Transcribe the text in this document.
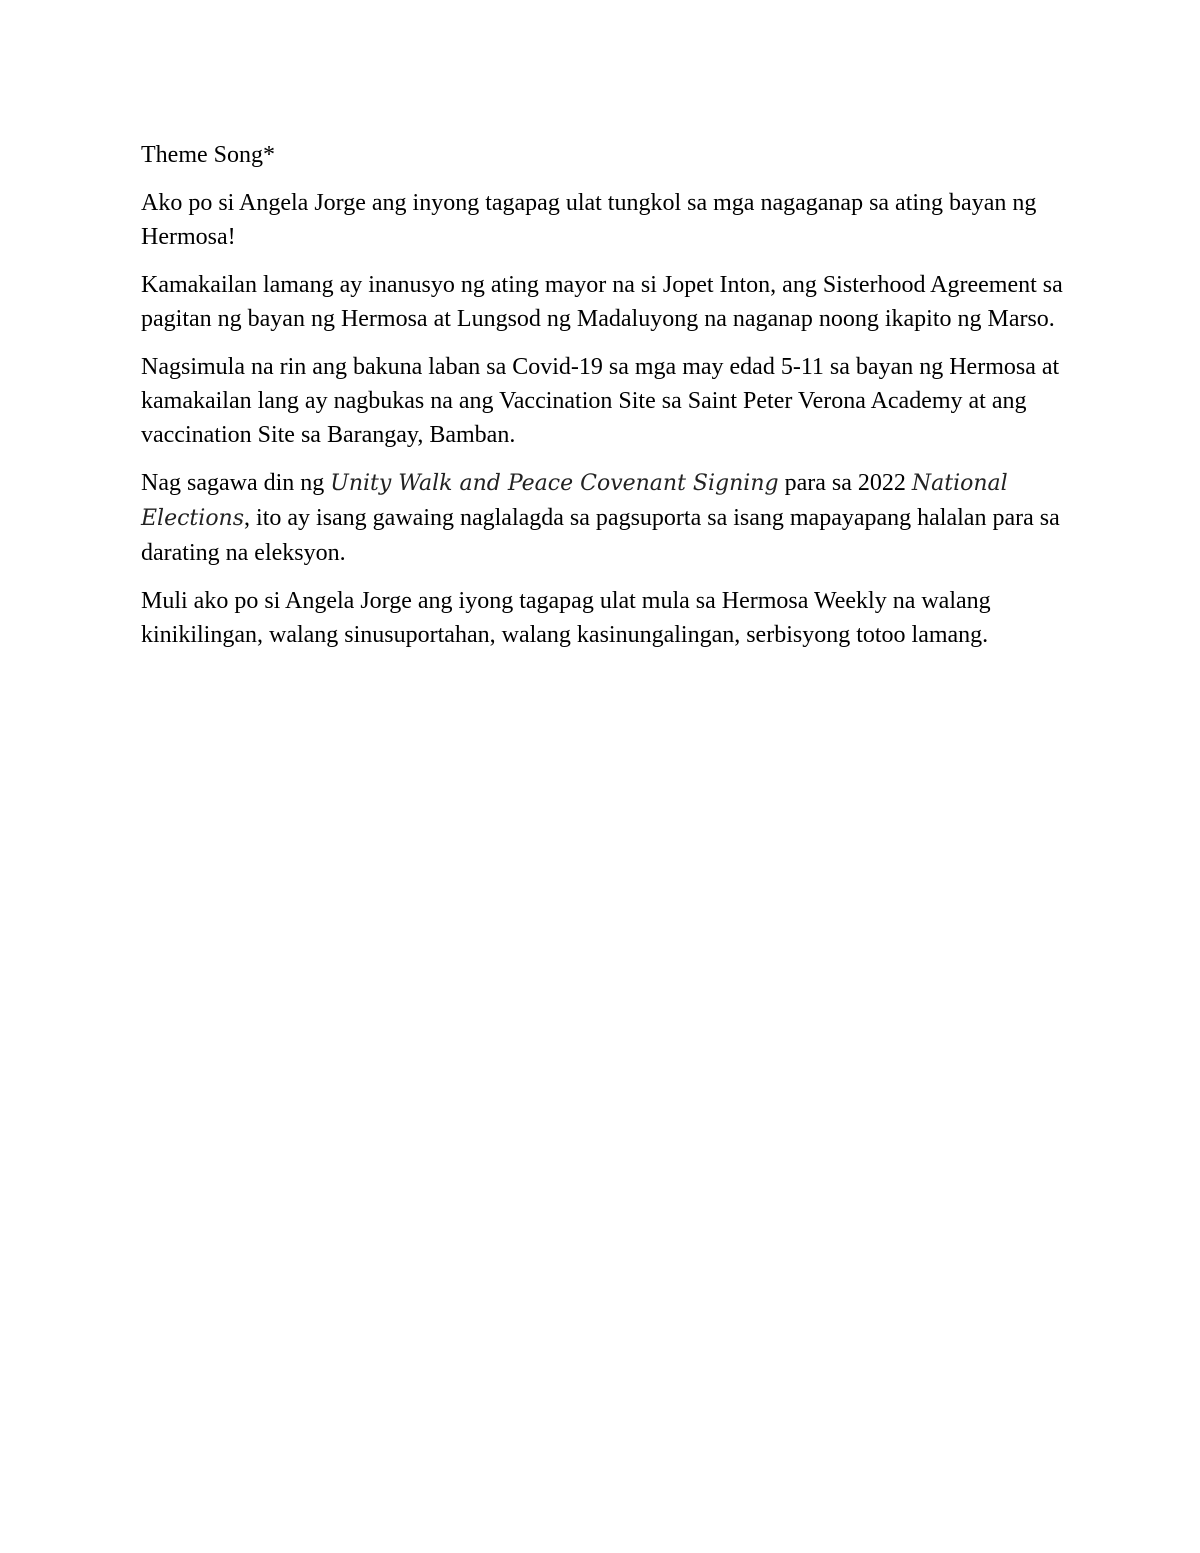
Theme Song*

Ako po si Angela Jorge ang inyong tagapag ulat tungkol sa mga nagaganap sa ating bayan ng Hermosa!

Kamakailan lamang ay inanusyo ng ating mayor na si Jopet Inton, ang Sisterhood Agreement sa pagitan ng bayan ng Hermosa at Lungsod ng Madaluyong na naganap noong ikapito ng Marso.

Nagsimula na rin ang bakuna laban sa Covid-19 sa mga may edad 5-11 sa bayan ng Hermosa at kamakailan lang ay nagbukas na ang Vaccination Site sa Saint Peter Verona Academy at ang vaccination Site sa Barangay, Bamban.

Nag sagawa din ng Unity Walk and Peace Covenant Signing para sa 2022 National Elections, ito ay isang gawaing naglalagda sa pagsuporta sa isang mapayapang halalan para sa darating na eleksyon.

Muli ako po si Angela Jorge ang iyong tagapag ulat mula sa Hermosa Weekly na walang kinikilingan, walang sinusuportahan, walang kasinungalingan, serbisyong totoo lamang.
